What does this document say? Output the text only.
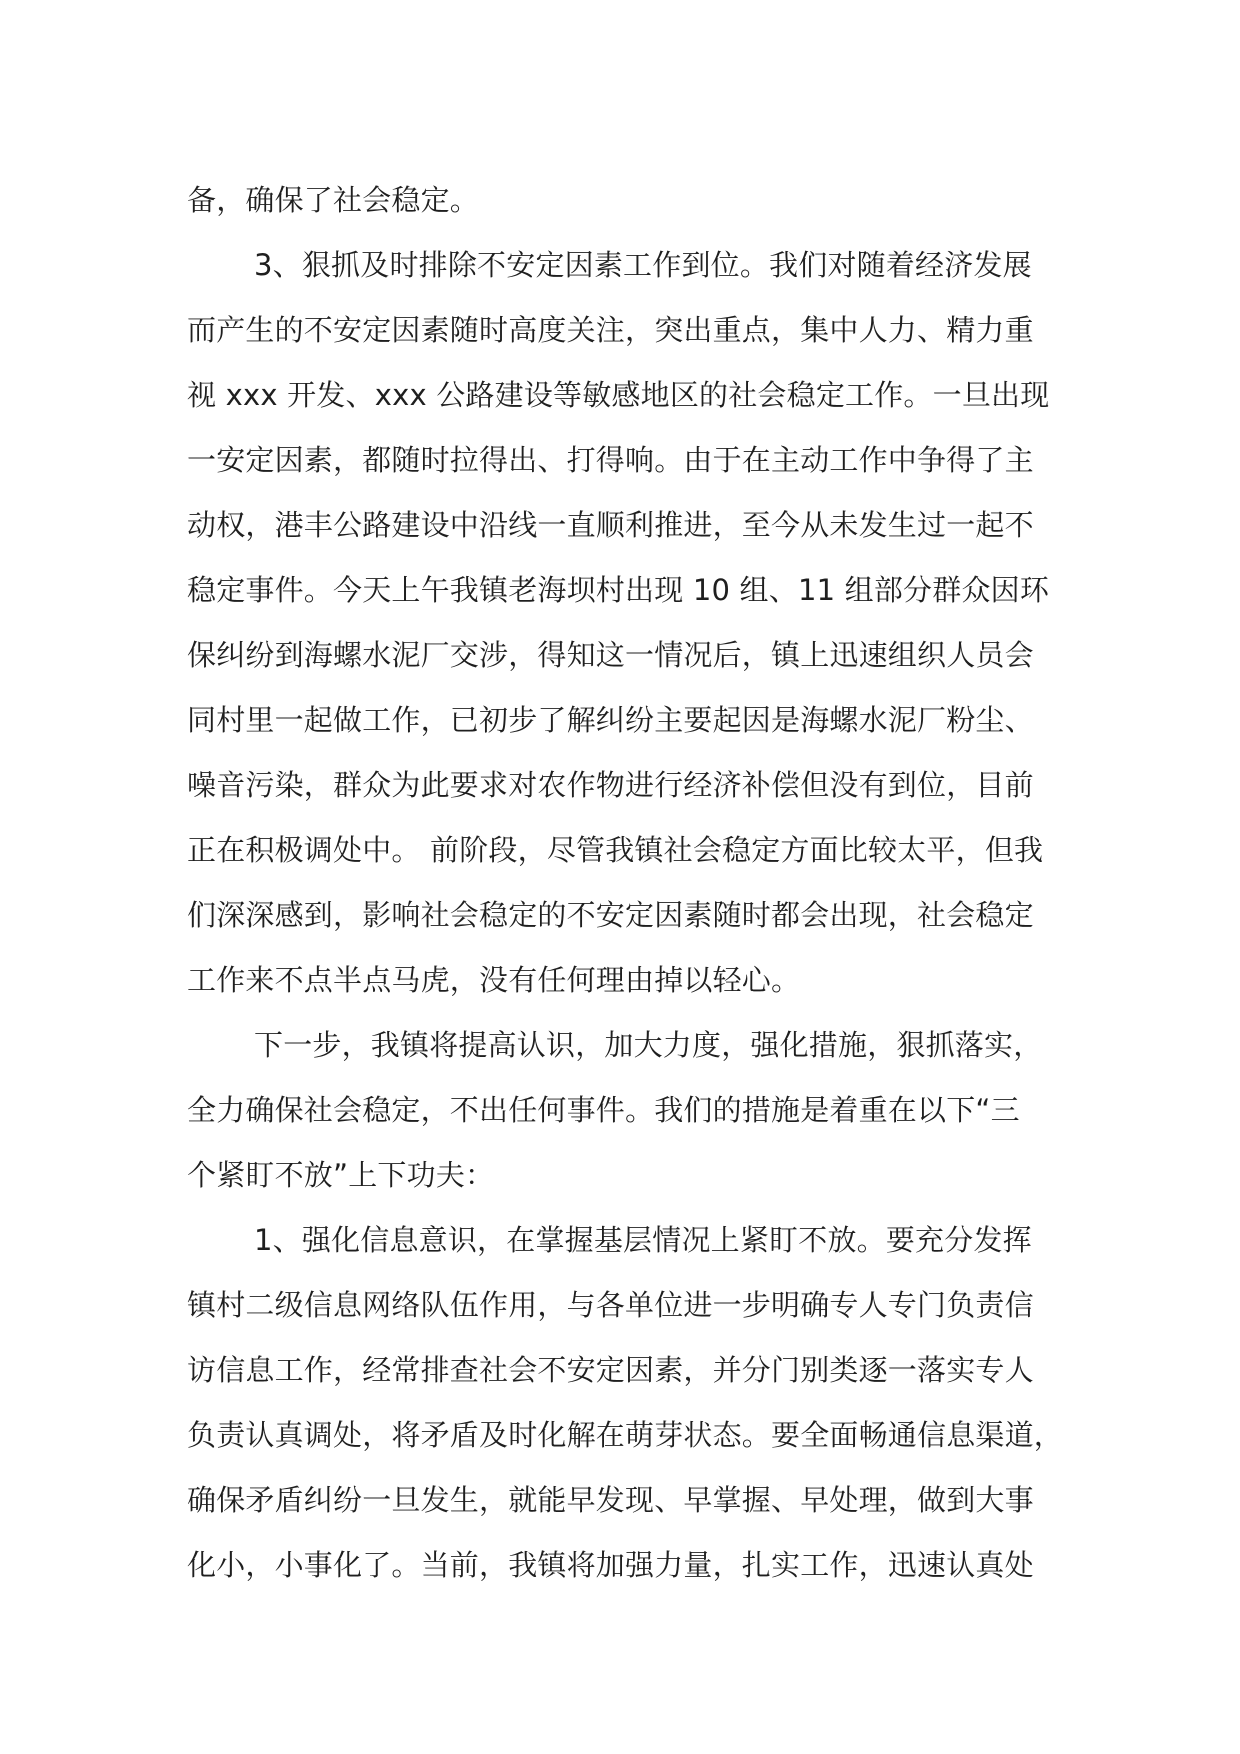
备，确保了社会稳定。
3、狠抓及时排除不安定因素工作到位。我们对随着经济发展
而产生的不安定因素随时高度关注，突出重点，集中人力、精力重
视 xxx 开发、xxx 公路建设等敏感地区的社会稳定工作。一旦出现
一安定因素，都随时拉得出、打得响。由于在主动工作中争得了主
动权，港丰公路建设中沿线一直顺利推进，至今从未发生过一起不
稳定事件。今天上午我镇老海坝村出现 10 组、11 组部分群众因环
保纠纷到海螺水泥厂交涉，得知这一情况后，镇上迅速组织人员会
同村里一起做工作，已初步了解纠纷主要起因是海螺水泥厂粉尘、
噪音污染，群众为此要求对农作物进行经济补偿但没有到位，目前
正在积极调处中。 前阶段，尽管我镇社会稳定方面比较太平，但我
们深深感到，影响社会稳定的不安定因素随时都会出现，社会稳定
工作来不点半点马虎，没有任何理由掉以轻心。
下一步，我镇将提高认识，加大力度，强化措施，狠抓落实，
全力确保社会稳定，不出任何事件。我们的措施是着重在以下“三
个紧盯不放”上下功夫：
1、强化信息意识，在掌握基层情况上紧盯不放。要充分发挥
镇村二级信息网络队伍作用，与各单位进一步明确专人专门负责信
访信息工作，经常排查社会不安定因素，并分门别类逐一落实专人
负责认真调处，将矛盾及时化解在萌芽状态。要全面畅通信息渠道，
确保矛盾纠纷一旦发生，就能早发现、早掌握、早处理，做到大事
化小，小事化了。当前，我镇将加强力量，扎实工作，迅速认真处
